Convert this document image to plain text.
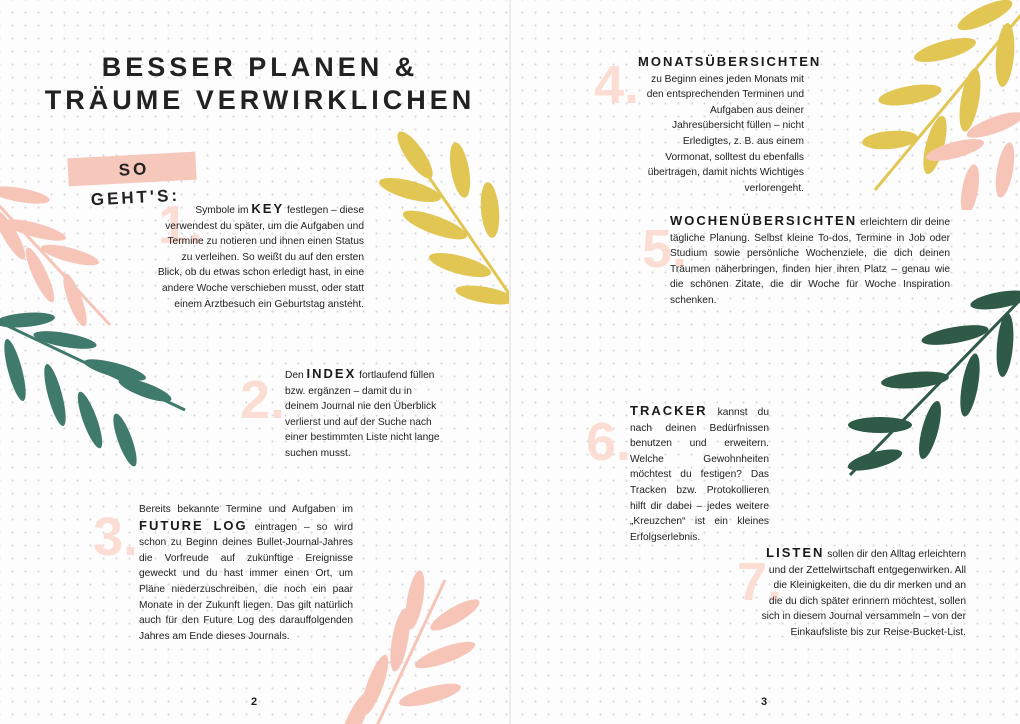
BESSER PLANEN &
TRÄUME VERWIRKLICHEN
SO GEHT'S:
1.
Symbole im KEY festlegen – diese verwendest du später, um die Aufgaben und Termine zu notieren und ihnen einen Status zu verleihen. So weißt du auf den ersten Blick, ob du etwas schon erledigt hast, in eine andere Woche verschieben musst, oder statt einem Arztbesuch ein Geburtstag ansteht.
2. Den INDEX fortlaufend füllen bzw. ergänzen – damit du in deinem Journal nie den Überblick verlierst und auf der Suche nach einer bestimmten Liste nicht lange suchen musst.
3. Bereits bekannte Termine und Aufgaben im FUTURE LOG eintragen – so wird schon zu Beginn deines Bullet-Journal-Jahres die Vorfreude auf zukünftige Ereignisse geweckt und du hast immer einen Ort, um Pläne niederzuschreiben, die noch ein paar Monate in der Zukunft liegen. Das gilt natürlich auch für den Future Log des darauffolgenden Jahres am Ende dieses Journals.
2
4.
MONATSÜBERSICHTEN zu Beginn eines jeden Monats mit den entsprechenden Terminen und Aufgaben aus deiner Jahresübersicht füllen – nicht Erledigtes, z. B. aus einem Vormonat, solltest du ebenfalls übertragen, damit nichts Wichtiges verlorengeht.
5.
WOCHENÜBERSICHTEN erleichtern dir deine tägliche Planung. Selbst kleine To-dos, Termine in Job oder Studium sowie persönliche Wochenziele, die dich deinen Träumen näherbringen, finden hier ihren Platz – genau wie die schönen Zitate, die dir Woche für Woche Inspiration schenken.
6.
TRACKER kannst du nach deinen Bedürfnissen benutzen und erweitern. Welche Gewohnheiten möchtest du festigen? Das Tracken bzw. Protokollieren hilft dir dabei – jedes weitere „Kreuzchen“ ist ein kleines Erfolgserlebnis.
7.
LISTEN sollen dir den Alltag erleichtern und der Zettelwirtschaft entgegenwirken. All die Kleinigkeiten, die du dir merken und an die du dich später erinnern möchtest, sollen sich in diesem Journal versammeln – von der Einkaufsliste bis zur Reise-Bucket-List.
3
